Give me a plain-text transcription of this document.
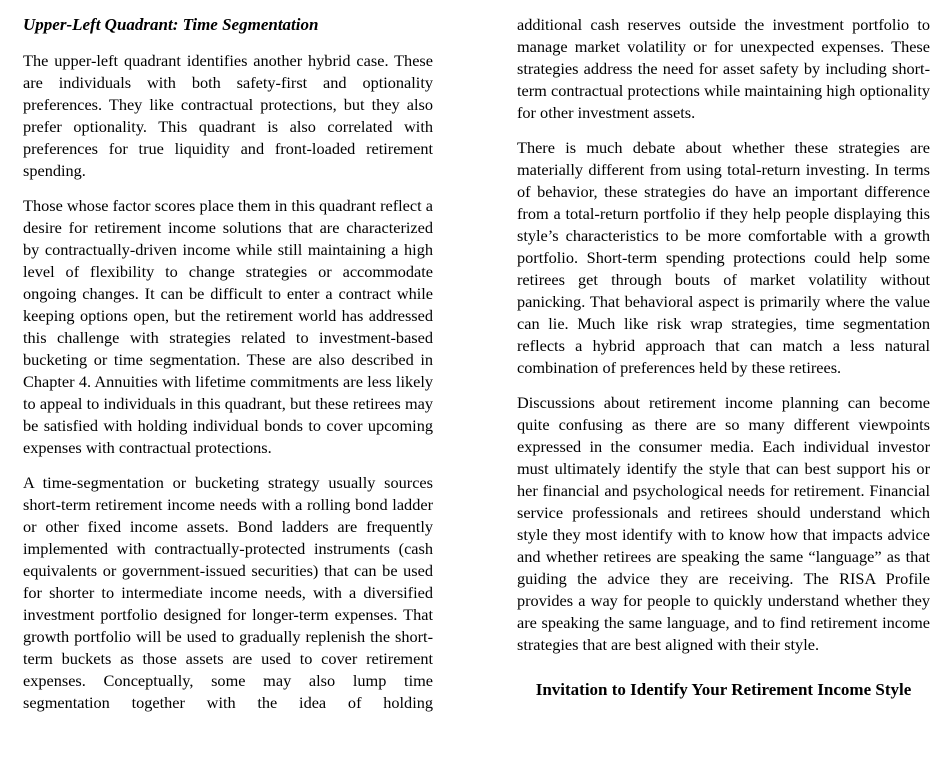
Upper-Left Quadrant: Time Segmentation

The upper-left quadrant identifies another hybrid case. These are individuals with both safety-first and optionality preferences. They like contractual protections, but they also prefer optionality. This quadrant is also correlated with preferences for true liquidity and front-loaded retirement spending.

Those whose factor scores place them in this quadrant reflect a desire for retirement income solutions that are characterized by contractually-driven income while still maintaining a high level of flexibility to change strategies or accommodate ongoing changes. It can be difficult to enter a contract while keeping options open, but the retirement world has addressed this challenge with strategies related to investment-based bucketing or time segmentation. These are also described in Chapter 4. Annuities with lifetime commitments are less likely to appeal to individuals in this quadrant, but these retirees may be satisfied with holding individual bonds to cover upcoming expenses with contractual protections.

A time-segmentation or bucketing strategy usually sources short-term retirement income needs with a rolling bond ladder or other fixed income assets. Bond ladders are frequently implemented with contractually-protected instruments (cash equivalents or government-issued securities) that can be used for shorter to intermediate income needs, with a diversified investment portfolio designed for longer-term expenses. That growth portfolio will be used to gradually replenish the short-term buckets as those assets are used to cover retirement expenses. Conceptually, some may also lump time segmentation together with the idea of holding

additional cash reserves outside the investment portfolio to manage market volatility or for unexpected expenses. These strategies address the need for asset safety by including short-term contractual protections while maintaining high optionality for other investment assets.

There is much debate about whether these strategies are materially different from using total-return investing. In terms of behavior, these strategies do have an important difference from a total-return portfolio if they help people displaying this style’s characteristics to be more comfortable with a growth portfolio. Short-term spending protections could help some retirees get through bouts of market volatility without panicking. That behavioral aspect is primarily where the value can lie. Much like risk wrap strategies, time segmentation reflects a hybrid approach that can match a less natural combination of preferences held by these retirees.

Discussions about retirement income planning can become quite confusing as there are so many different viewpoints expressed in the consumer media. Each individual investor must ultimately identify the style that can best support his or her financial and psychological needs for retirement. Financial service professionals and retirees should understand which style they most identify with to know how that impacts advice and whether retirees are speaking the same “language” as that guiding the advice they are receiving. The RISA Profile provides a way for people to quickly understand whether they are speaking the same language, and to find retirement income strategies that are best aligned with their style.

Invitation to Identify Your Retirement Income Style
